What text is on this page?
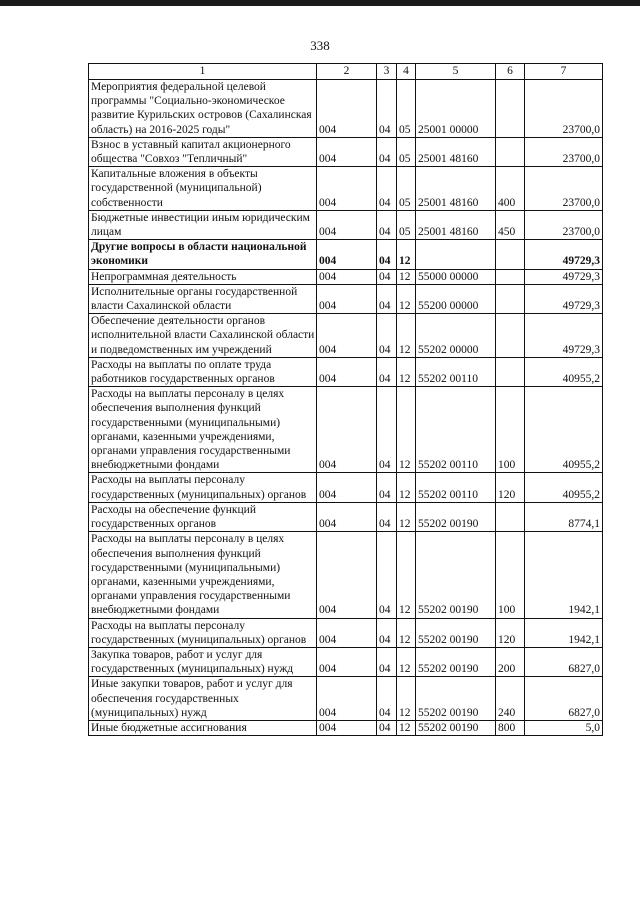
338
1	2	3	4	5	6	7
Мероприятия федеральной целевой программы "Социально-экономическое развитие Курильских островов (Сахалинская область) на 2016-2025 годы"	004	04	05	25001 00000		23700,0
Взнос в уставный капитал акционерного общества "Совхоз "Тепличный"	004	04	05	25001 48160		23700,0
Капитальные вложения в объекты государственной (муниципальной) собственности	004	04	05	25001 48160	400	23700,0
Бюджетные инвестиции иным юридическим лицам	004	04	05	25001 48160	450	23700,0
Другие вопросы в области национальной экономики	004	04	12			49729,3
Непрограммная деятельность	004	04	12	55000 00000		49729,3
Исполнительные органы государственной власти Сахалинской области	004	04	12	55200 00000		49729,3
Обеспечение деятельности органов исполнительной власти Сахалинской области и подведомственных им учреждений	004	04	12	55202 00000		49729,3
Расходы на выплаты по оплате труда работников государственных органов	004	04	12	55202 00110		40955,2
Расходы на выплаты персоналу в целях обеспечения выполнения функций государственными (муниципальными) органами, казенными учреждениями, органами управления государственными внебюджетными фондами	004	04	12	55202 00110	100	40955,2
Расходы на выплаты персоналу государственных (муниципальных) органов	004	04	12	55202 00110	120	40955,2
Расходы на обеспечение функций государственных органов	004	04	12	55202 00190		8774,1
Расходы на выплаты персоналу в целях обеспечения выполнения функций государственными (муниципальными) органами, казенными учреждениями, органами управления государственными внебюджетными фондами	004	04	12	55202 00190	100	1942,1
Расходы на выплаты персоналу государственных (муниципальных) органов	004	04	12	55202 00190	120	1942,1
Закупка товаров, работ и услуг для государственных (муниципальных) нужд	004	04	12	55202 00190	200	6827,0
Иные закупки товаров, работ и услуг для обеспечения государственных (муниципальных) нужд	004	04	12	55202 00190	240	6827,0
Иные бюджетные ассигнования	004	04	12	55202 00190	800	5,0
